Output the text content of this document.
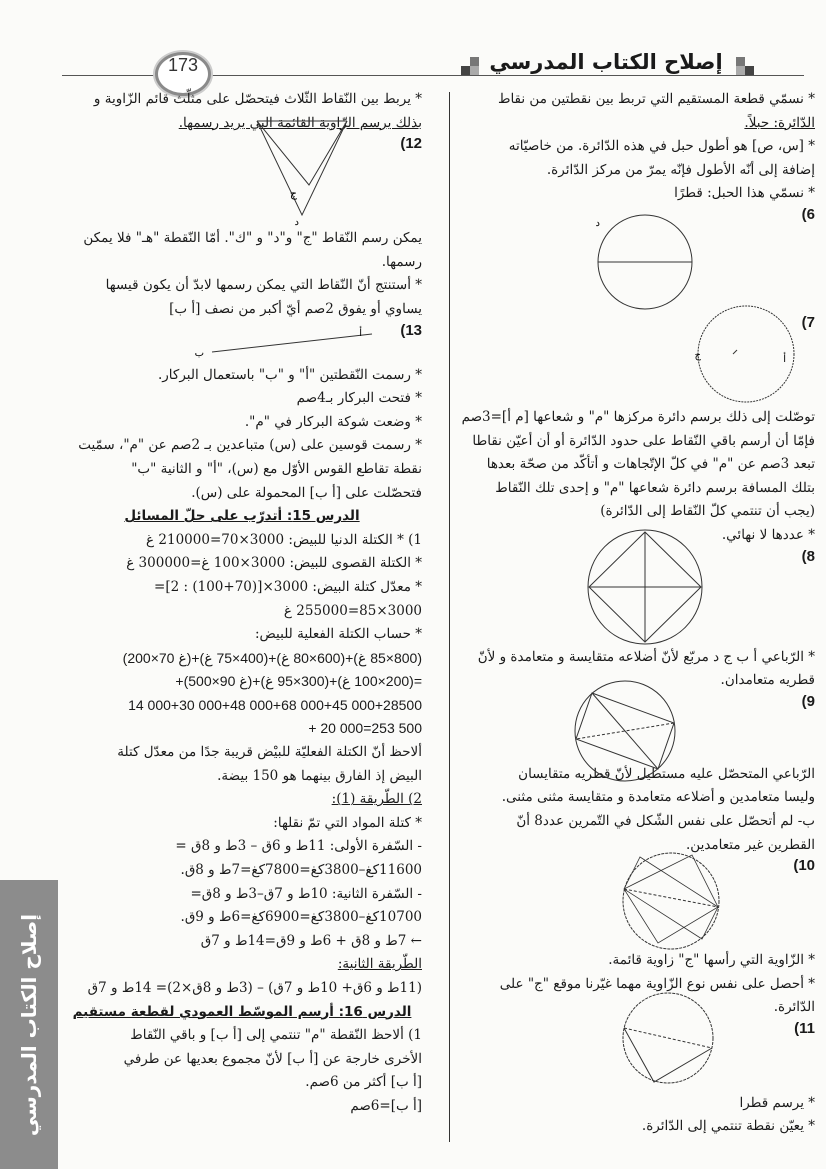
173	إصلاح الكتاب المدرسي
* نسمّي قطعة المستقيم التي تربط بين نقطتين من نقاط
الدّائرة: حبلاً.
* [س، ص] هو أطول حبل في هذه الدّائرة. من خاصيّاته
إضافة إلى أنّه الأطول فإنّه يمرّ من مركز الدّائرة.
* نسمّي هذا الحبل: قطرًا
6)
د
7)
ج	أ
توصّلت إلى ذلك برسم دائرة مركزها "م" و شعاعها [م أ]=3صم
فإمّا أن أرسم باقي النّقاط على حدود الدّائرة أو أن أعيّن نقاطا
تبعد 3صم عن "م" في كلّ الإتّجاهات و أتأكّد من صحّة بعدها
بتلك المسافة برسم دائرة شعاعها "م" و إحدى تلك النّقاط
(يجب أن تنتمي كلّ النّقاط إلى الدّائرة)
* عددها لا نهائي.
8)
* الرّباعي أ ب ج د مربّع لأنّ أضلاعه متقايسة و متعامدة و لأنّ
قطريه متعامدان.
9)
الرّباعي المتحصّل عليه مستطيل لأنّ قطريه متقايسان
وليسا متعامدين و أضلاعه متعامدة و متقايسة مثنى مثنى.
ب- لم أتحصّل على نفس الشّكل في التّمرين عدد8 أنّ
القطرين غير متعامدين.
10)
* الزّاوية التي رأسها "ج" زاوية قائمة.
* أحصل على نفس نوع الزّاوية مهما غيّرنا موقع "ج" على
الدّائرة.
11)
* يرسم قطرا
* يعيّن نقطة تنتمي إلى الدّائرة.
* يربط بين النّقاط الثّلاث فيتحصّل على مثلّث قائم الزّاوية و
بذلك يرسم الزّاوية القائمة التي يريد رسمها.
12)
ج
د
يمكن رسم النّقاط "ج" و"د" و "ك". أمّا النّقطة "هـ" فلا يمكن
رسمها.
* أستنتج أنّ النّقاط التي يمكن رسمها لابدّ أن يكون قيسها
يساوي أو يفوق 2صم أيّ أكبر من نصف [أ ب]
13)
ب
أ
* رسمت النّقطتين "أ" و "ب" باستعمال البركار.
* فتحت البركار بـ4صم
* وضعت شوكة البركار في "م".
* رسمت قوسين على (س) متباعدين بـ 2صم عن "م"، سمّيت
نقطة تقاطع القوس الأوّل مع (س)، "أ" و الثانية "ب"
فتحصّلت على [أ ب] المحمولة على (س).
الدرس 15: أتدرّب على حلّ المسائل
1) * الكتلة الدنيا للبيض: 3000×70=210000 غ
* الكتلة القصوى للبيض: 3000×100 غ=300000 غ
* معدّل كتلة البيض: 3000×[(70+100) : 2]=
3000×85=255000 غ
* حساب الكتلة الفعلية للبيض:
(200×70 غ)+(400×75 غ)+(600×80 غ)+(800×85 غ)
+(500×90 غ)+(300×95 غ)+(200×100 غ)=
14 000+30 000+48 000+68 000+45 000+28500
+ 20 000=253 500
ألاحظ أنّ الكتلة الفعليّة للبيْض قريبة جدًا من معدّل كتلة
البيض إذ الفارق بينهما هو 150 بيضة.
2) الطّريقة (1):
* كتلة المواد التي تمّ نقلها:
- السّفرة الأولى: 11ط و 6ق – 3ط و 8ق =
11600كغ–3800كغ=7800كغ=7ط و 8ق.
- السّفرة الثانية: 10ط و 7ق–3ط و 8ق=
10700كغ–3800كغ=6900كغ=6ط و 9ق.
← 7ط و 8ق + 6ط و 9ق=14ط و 7ق
الطّريقة الثانية:
(11ط و 6ق+ 10ط و 7ق) – (3ط و 8ق×2)= 14ط و 7ق
الدرس 16: أرسم الموسّط العمودي لقطعة مستقيم
1) ألاحظ النّقطة "م" تنتمي إلى [أ ب] و باقي النّقاط
الأخرى خارجة عن [أ ب] لأنّ مجموع بعديها عن طرفي
[أ ب] أكثر من 6صم.
[أ ب]=6صم
إصلاح الكتاب المدرسي
